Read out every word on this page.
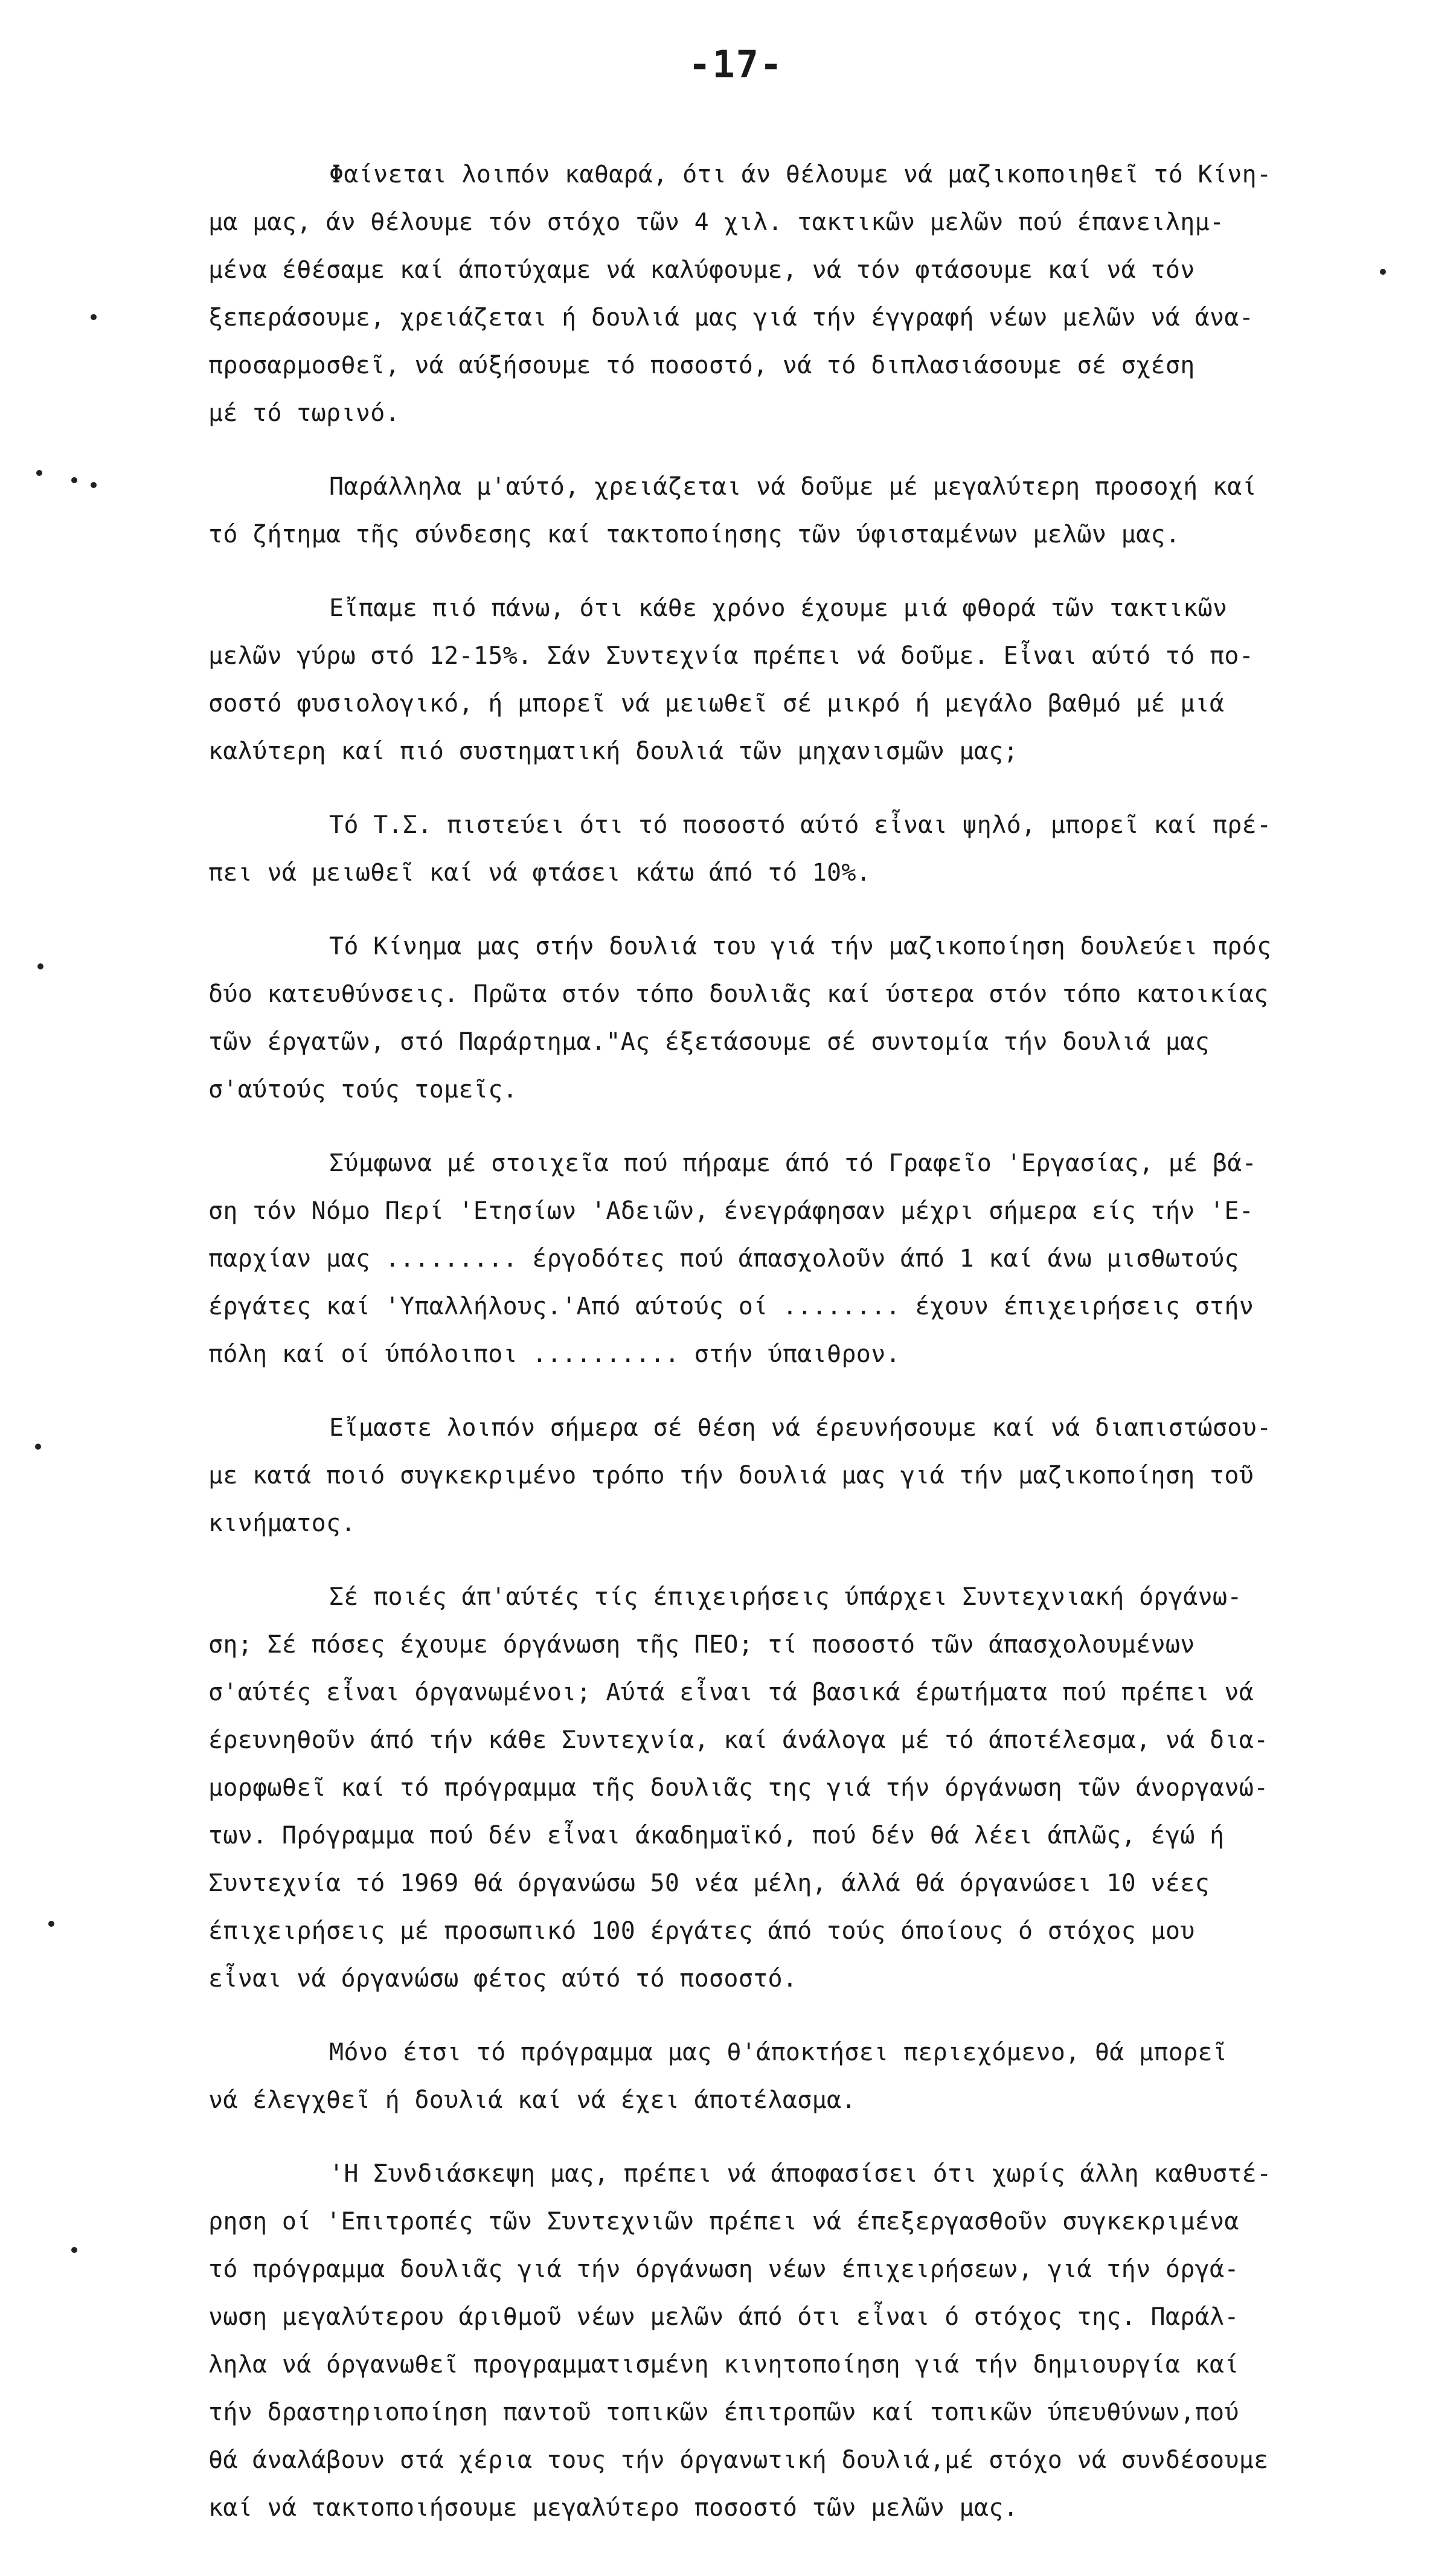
-17-
Φαίνεται λοιπόν καθαρά, ότι άν θέλουμε νά μαζικοποιηθεῖ τό Κίνη-
μα μας, άν θέλουμε τόν στόχο τῶν 4 χιλ. τακτικῶν μελῶν πού έπανειλημ-
μένα έθέσαμε καί άποτύχαμε νά καλύφουμε, νά τόν φτάσουμε καί νά τόν
ξεπεράσουμε, χρειάζεται ή δουλιά μας γιά τήν έγγραφή νέων μελῶν νά άνα-
προσαρμοσθεῖ, νά αύξήσουμε τό ποσοστό, νά τό διπλασιάσουμε σέ σχέση
μέ τό τωρινό.
Παράλληλα μ'αύτό, χρειάζεται νά δοῦμε μέ μεγαλύτερη προσοχή καί
τό ζήτημα τῆς σύνδεσης καί τακτοποίησης τῶν ύφισταμένων μελῶν μας.
Εἴπαμε πιό πάνω, ότι κάθε χρόνο έχουμε μιά φθορά τῶν τακτικῶν
μελῶν γύρω στό 12-15%. Σάν Συντεχνία πρέπει νά δοῦμε. Εἶναι αύτό τό πο-
σοστό φυσιολογικό, ή μπορεῖ νά μειωθεῖ σέ μικρό ή μεγάλο βαθμό μέ μιά
καλύτερη καί πιό συστηματική δουλιά τῶν μηχανισμῶν μας;
Τό Τ.Σ. πιστεύει ότι τό ποσοστό αύτό εἶναι ψηλό, μπορεῖ καί πρέ-
πει νά μειωθεῖ καί νά φτάσει κάτω άπό τό 10%.
Τό Κίνημα μας στήν δουλιά του γιά τήν μαζικοποίηση δουλεύει πρός
δύο κατευθύνσεις. Πρῶτα στόν τόπο δουλιᾶς καί ύστερα στόν τόπο κατοικίας
τῶν έργατῶν, στό Παράρτημα."Ας έξετάσουμε σέ συντομία τήν δουλιά μας
σ'αύτούς τούς τομεῖς.
Σύμφωνα μέ στοιχεῖα πού πήραμε άπό τό Γραφεῖο 'Εργασίας, μέ βά-
ση τόν Νόμο Περί 'Ετησίων 'Αδειῶν, ένεγράφησαν μέχρι σήμερα είς τήν 'Ε-
παρχίαν μας ......... έργοδότες πού άπασχολοῦν άπό 1 καί άνω μισθωτούς
έργάτες καί 'Υπαλλήλους.'Από αύτούς οί ........ έχουν έπιχειρήσεις στήν
πόλη καί οί ύπόλοιποι .......... στήν ύπαιθρον.
Εἴμαστε λοιπόν σήμερα σέ θέση νά έρευνήσουμε καί νά διαπιστώσου-
με κατά ποιό συγκεκριμένο τρόπο τήν δουλιά μας γιά τήν μαζικοποίηση τοῦ
κινήματος.
Σέ ποιές άπ'αύτές τίς έπιχειρήσεις ύπάρχει Συντεχνιακή όργάνω-
ση; Σέ πόσες έχουμε όργάνωση τῆς ΠΕΟ; τί ποσοστό τῶν άπασχολουμένων
σ'αύτές εἶναι όργανωμένοι; Αύτά εἶναι τά βασικά έρωτήματα πού πρέπει νά
έρευνηθοῦν άπό τήν κάθε Συντεχνία, καί άνάλογα μέ τό άποτέλεσμα, νά δια-
μορφωθεῖ καί τό πρόγραμμα τῆς δουλιᾶς της γιά τήν όργάνωση τῶν άνοργανώ-
των. Πρόγραμμα πού δέν εἶναι άκαδημαϊκό, πού δέν θά λέει άπλῶς, έγώ ή
Συντεχνία τό 1969 θά όργανώσω 50 νέα μέλη, άλλά θά όργανώσει 10 νέες
έπιχειρήσεις μέ προσωπικό 100 έργάτες άπό τούς όποίους ό στόχος μου
εἶναι νά όργανώσω φέτος αύτό τό ποσοστό.
Μόνο έτσι τό πρόγραμμα μας θ'άποκτήσει περιεχόμενο, θά μπορεῖ
νά έλεγχθεῖ ή δουλιά καί νά έχει άποτέλασμα.
'Η Συνδιάσκεψη μας, πρέπει νά άποφασίσει ότι χωρίς άλλη καθυστέ-
ρηση οί 'Επιτροπές τῶν Συντεχνιῶν πρέπει νά έπεξεργασθοῦν συγκεκριμένα
τό πρόγραμμα δουλιᾶς γιά τήν όργάνωση νέων έπιχειρήσεων, γιά τήν όργά-
νωση μεγαλύτερου άριθμοῦ νέων μελῶν άπό ότι εἶναι ό στόχος της. Παράλ-
ληλα νά όργανωθεῖ προγραμματισμένη κινητοποίηση γιά τήν δημιουργία καί
τήν δραστηριοποίηση παντοῦ τοπικῶν έπιτροπῶν καί τοπικῶν ύπευθύνων,πού
θά άναλάβουν στά χέρια τους τήν όργανωτική δουλιά,μέ στόχο νά συνδέσουμε
καί νά τακτοποιήσουμε μεγαλύτερο ποσοστό τῶν μελῶν μας.
